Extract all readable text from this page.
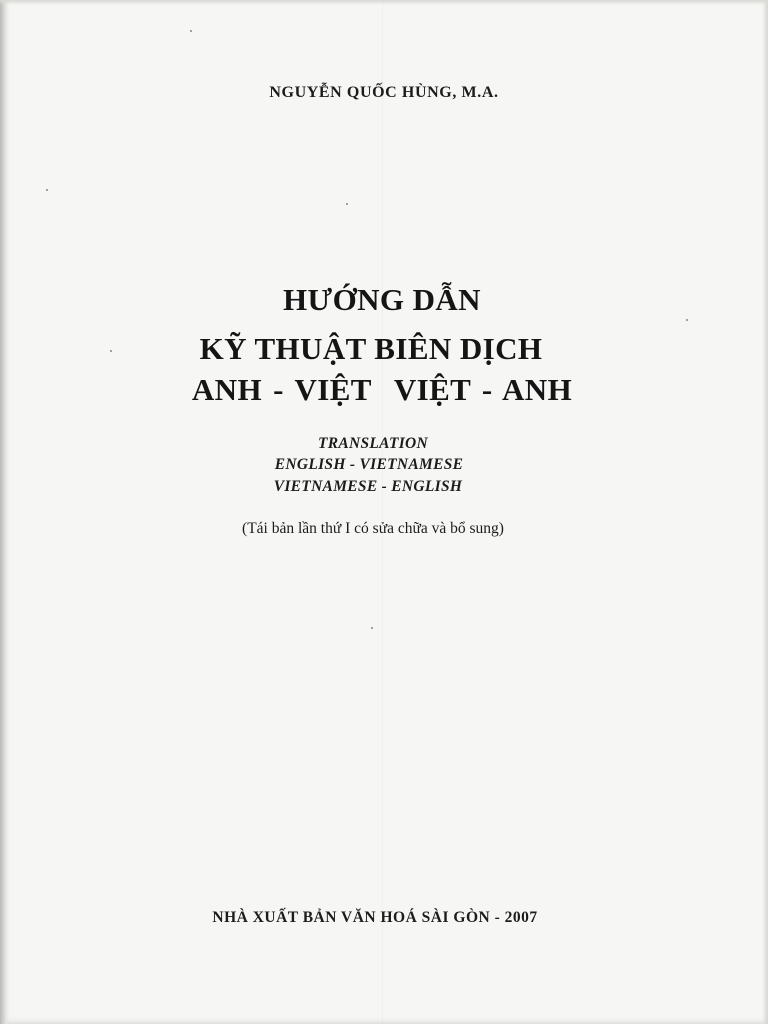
NGUYỄN QUỐC HÙNG, M.A.
HƯỚNG DẪN
KỸ THUẬT BIÊN DỊCH
ANH - VIỆT VIỆT - ANH
TRANSLATION
ENGLISH - VIETNAMESE
VIETNAMESE - ENGLISH
(Tái bản lần thứ I có sửa chữa và bổ sung)
NHÀ XUẤT BẢN VĂN HOÁ SÀI GÒN - 2007
